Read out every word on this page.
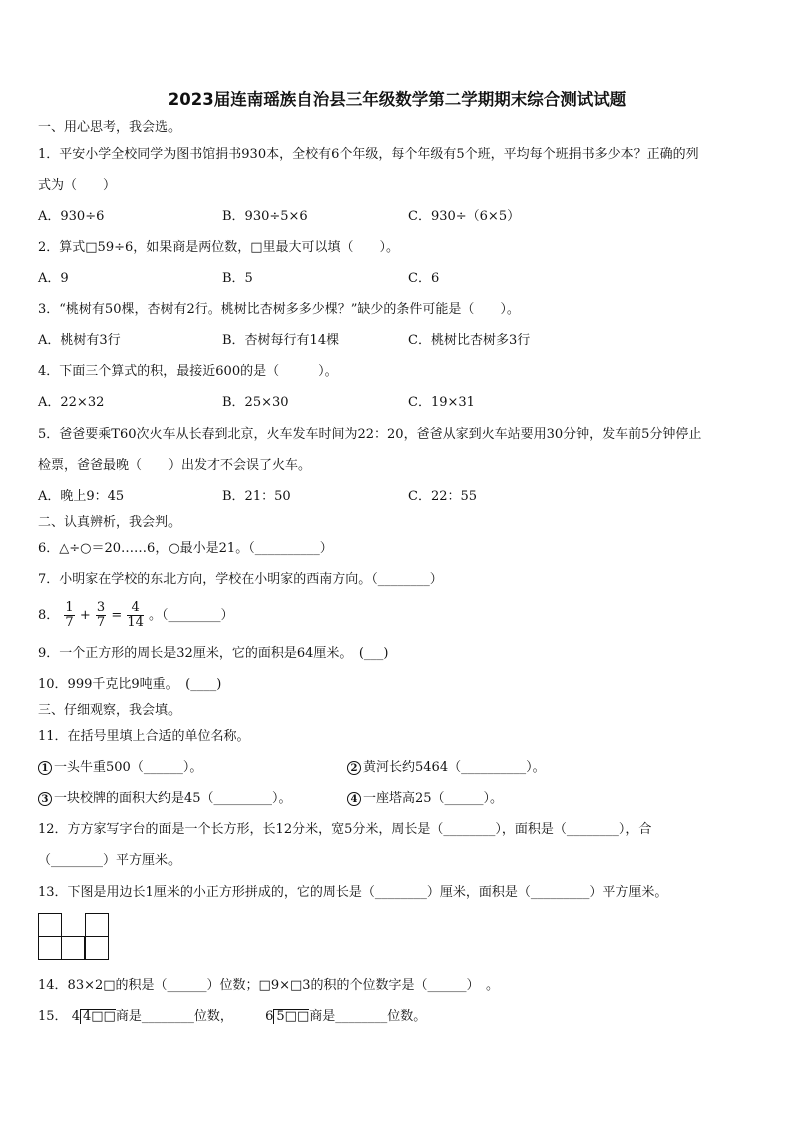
2023届连南瑶族自治县三年级数学第二学期期末综合测试试题
一、用心思考，我会选。
1．平安小学全校同学为图书馆捐书930本，全校有6个年级，每个年级有5个班，平均每个班捐书多少本？正确的列
式为（　　）
A．930÷6	B．930÷5×6	C．930÷（6×5）
2．算式□59÷6，如果商是两位数，□里最大可以填（　　）。
A．9	B．5	C．6
3．“桃树有50棵，杏树有2行。桃树比杏树多多少棵？”缺少的条件可能是（　　）。
A．桃树有3行	B．杏树每行有14棵	C．桃树比杏树多3行
4．下面三个算式的积，最接近600的是（　　　）。
A．22×32	B．25×30	C．19×31
5．爸爸要乘T60次火车从长春到北京，火车发车时间为22：20，爸爸从家到火车站要用30分钟，发车前5分钟停止
检票，爸爸最晚（　　）出发才不会误了火车。
A．晚上9：45	B．21：50	C．22：55
二、认真辨析，我会判。
6．△÷○＝20……6，○最小是21。（__________）
7．小明家在学校的东北方向，学校在小明家的西南方向。（________）
8． $\frac{1}{7} + \frac{3}{7} = \frac{4}{14}$ 。（________）
9．一个正方形的周长是32厘米，它的面积是64厘米。　(___)
10．999千克比9吨重。　(____)
三、仔细观察，我会填。
11．在括号里填上合适的单位名称。
1 一头牛重500（______）。	2 黄河长约5464（__________）。
3 一块校牌的面积大约是45（_________）。	4 一座塔高25（______）。
12．方方家写字台的面是一个长方形，长12分米，宽5分米，周长是（________），面积是（________），合
（________）平方厘米。
13．下图是用边长1厘米的小正方形拼成的，它的周长是（________）厘米，面积是（_________）平方厘米。
14．83×2□的积是（______）位数；□9×□3的积的个位数字是（______）　。
15． 4 4□□商是________位数， 6 5□□商是________位数。
